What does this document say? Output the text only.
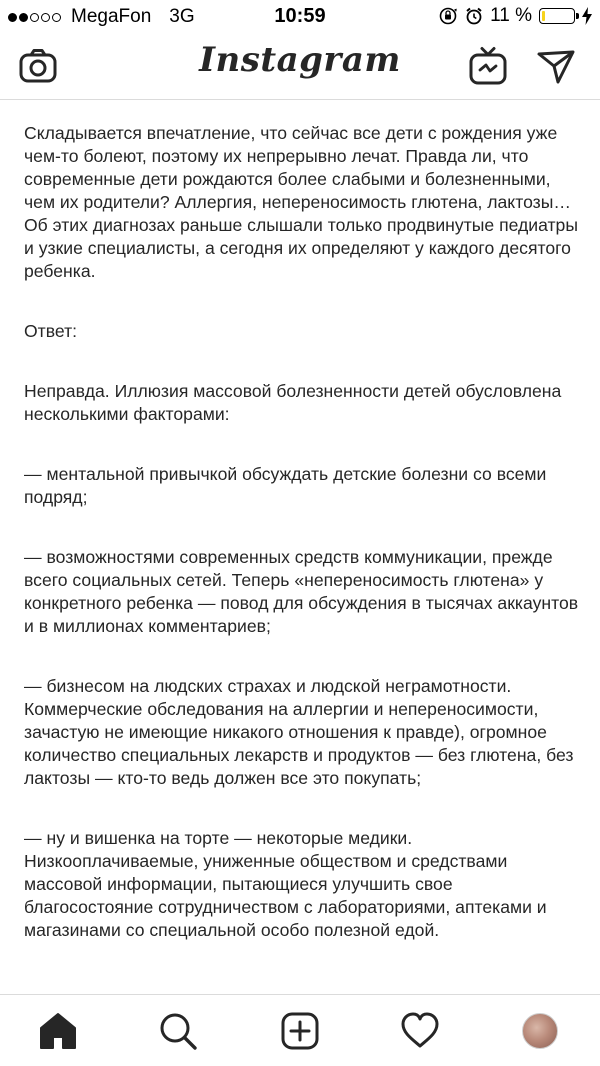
MegaFon 3G	10:59	11 %
Instagram

Складывается впечатление, что сейчас все дети с рождения уже чем-то болеют, поэтому их непрерывно лечат. Правда ли, что современные дети рождаются более слабыми и болезненными, чем их родители? Аллергия, непереносимость глютена, лактозы… Об этих диагнозах раньше слышали только продвинутые педиатры и узкие специалисты, а сегодня их определяют у каждого десятого ребенка.

Ответ:

Неправда. Иллюзия массовой болезненности детей обусловлена несколькими факторами:

— ментальной привычкой обсуждать детские болезни со всеми подряд;

— возможностями современных средств коммуникации, прежде всего социальных сетей. Теперь «непереносимость глютена» у конкретного ребенка — повод для обсуждения в тысячах аккаунтов и в миллионах комментариев;

— бизнесом на людских страхах и людской неграмотности. Коммерческие обследования на аллергии и непереносимости, зачастую не имеющие никакого отношения к правде), огромное количество специальных лекарств и продуктов — без глютена, без лактозы — кто-то ведь должен все это покупать;

— ну и вишенка на торте — некоторые медики. Низкооплачиваемые, униженные обществом и средствами массовой информации, пытающиеся улучшить свое благосостояние сотрудничеством с лабораториями, аптеками и магазинами со специальной особо полезной едой.
